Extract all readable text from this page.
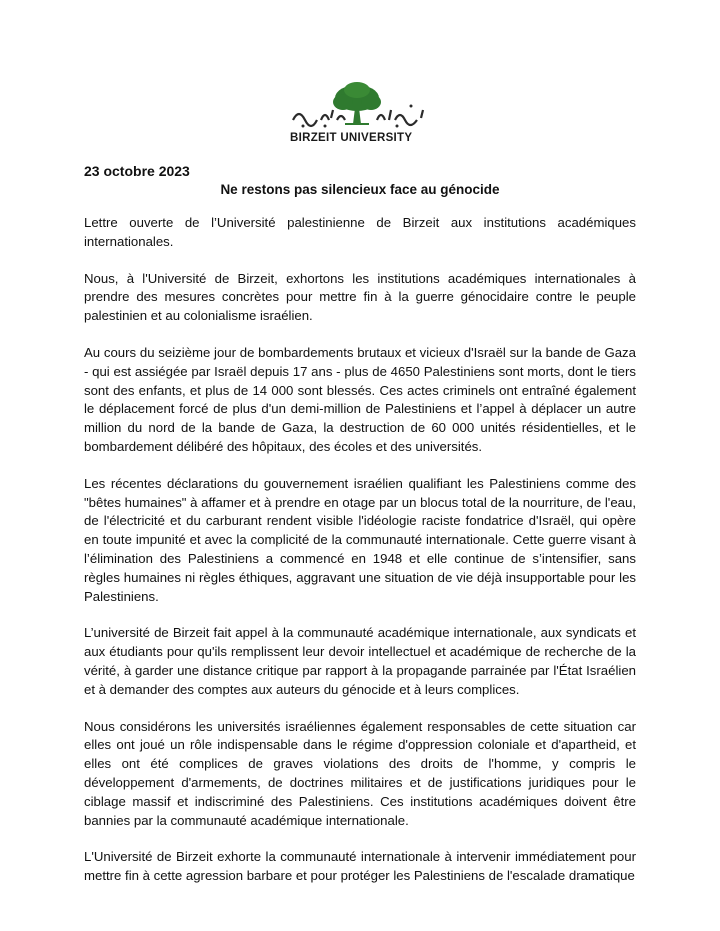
BIRZEIT UNIVERSITY
23 octobre 2023
Ne restons pas silencieux face au génocide

Lettre ouverte de l’Université palestinienne de Birzeit aux institutions académiques internationales.

Nous, à l'Université de Birzeit, exhortons les institutions académiques internationales à prendre des mesures concrètes pour mettre fin à la guerre génocidaire contre le peuple palestinien et au colonialisme israélien.

Au cours du seizième jour de bombardements brutaux et vicieux d'Israël sur la bande de Gaza - qui est assiégée par Israël depuis 17 ans - plus de 4650 Palestiniens sont morts, dont le tiers sont des enfants, et plus de 14 000 sont blessés. Ces actes criminels ont entraîné également le déplacement forcé de plus d'un demi-million de Palestiniens et l’appel à déplacer un autre million du nord de la bande de Gaza, la destruction de 60 000 unités résidentielles, et le bombardement délibéré des hôpitaux, des écoles et des universités.

Les récentes déclarations du gouvernement israélien qualifiant les Palestiniens comme des "bêtes humaines" à affamer et à prendre en otage par un blocus total de la nourriture, de l'eau, de l'électricité et du carburant rendent visible l'idéologie raciste fondatrice d'Israël, qui opère en toute impunité et avec la complicité de la communauté internationale. Cette guerre visant à l’élimination des Palestiniens a commencé en 1948 et elle continue de s’intensifier, sans règles humaines ni règles éthiques, aggravant une situation de vie déjà insupportable pour les Palestiniens.

L’université de Birzeit fait appel à la communauté académique internationale, aux syndicats et aux étudiants pour qu'ils remplissent leur devoir intellectuel et académique de recherche de la vérité, à garder une distance critique par rapport à la propagande parrainée par l'État Israélien et à demander des comptes aux auteurs du génocide et à leurs complices.

Nous considérons les universités israéliennes également responsables de cette situation car elles ont joué un rôle indispensable dans le régime d'oppression coloniale et d'apartheid, et elles ont été complices de graves violations des droits de l'homme, y compris le développement d'armements, de doctrines militaires et de justifications juridiques pour le ciblage massif et indiscriminé des Palestiniens. Ces institutions académiques doivent être bannies par la communauté académique internationale.

L'Université de Birzeit exhorte la communauté internationale à intervenir immédiatement pour mettre fin à cette agression barbare et pour protéger les Palestiniens de l'escalade dramatique
